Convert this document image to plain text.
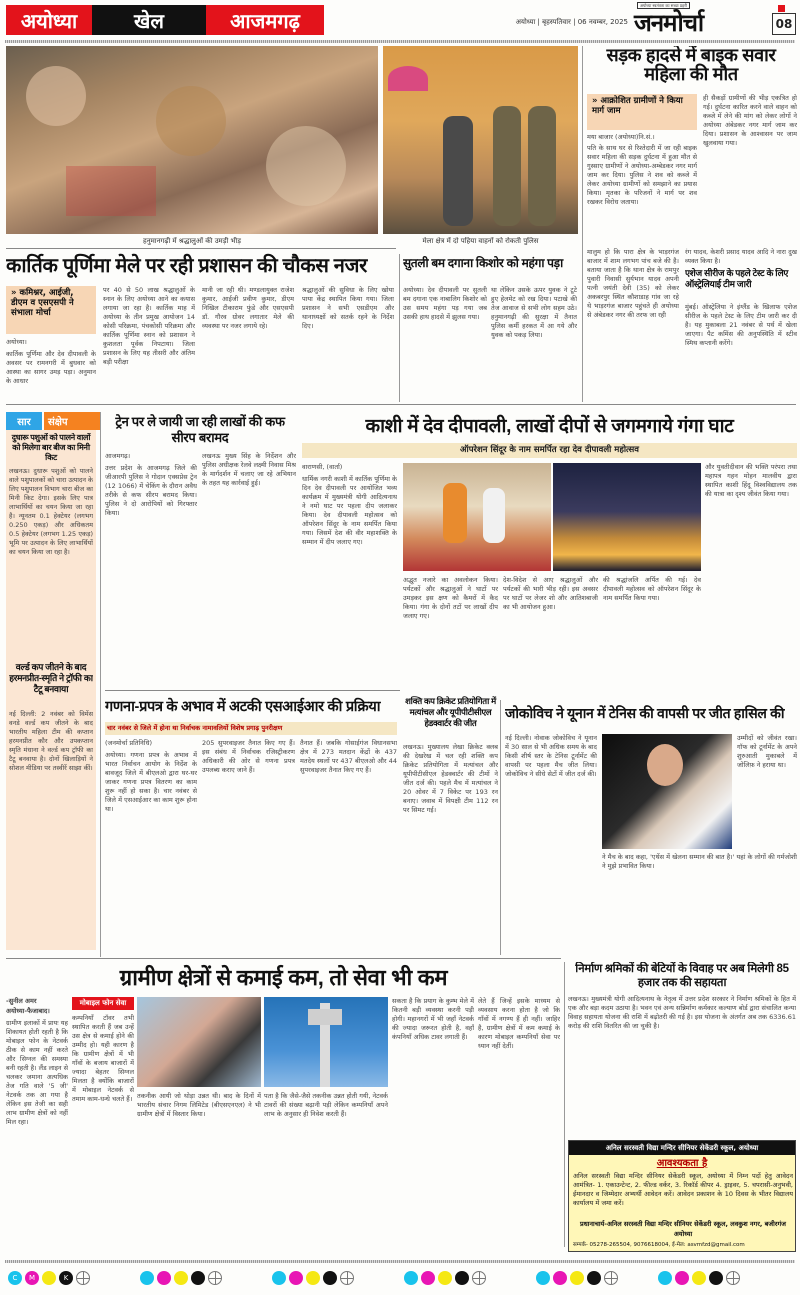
अयोध्या	खेल	आजमगढ़	अयोध्या | बृहस्पतिवार | 06 नवम्बर, 2025
अयोध्या स्वतंत्रता का सच्चा प्रहरी
जनमोर्चा	08
हनुमानगढ़ी में श्रद्धालुओं की उमड़ी भीड़	मेला क्षेत्र में दो पहिया वाहनों को रोकती पुलिस
सड़क हादसे में बाइक सवार महिला की मौत
» आक्रोशित ग्रामीणों ने किया मार्ग जाम
मया बाजार (अयोध्या)नि.सं.।
पति के साथ घर से रिश्तेदारी में जा रही बाइक सवार महिला की सड़क दुर्घटना में हुआ मौत से गुस्साए ग्रामीणों ने अयोध्या-अम्बेडकर नगर मार्ग जाम कर दिया। पुलिस ने शव को कब्जे में लेकर अयोध्या ग्रामीणों को समझाने का प्रयास किया। मृतका के परिजनों ने मार्ग पर शव रखकर विरोध जताया।
ही सैकड़ों ग्रामीणों की भीड़ एकत्रित हो गई। दुर्घटना कारित करने वाले वाहन को कब्जे में लेने की मांग को लेकर लोगों ने अयोध्या अंबेडकर नगर मार्ग जाम कर दिया। प्रशासन के आश्वासन पर जाम खुलवाया गया।
कार्तिक पूर्णिमा मेले पर रही प्रशासन की चौकस नजर
» कमिश्नर, आईजी, डीएम व एसएसपी ने संभाला मोर्चा
अयोध्या।
कार्तिक पूर्णिमा और देव दीपावली के अवसर पर रामनगरी में बुधवार को आस्था का सागर उमड़ पड़ा। अनुमान के आधार
पर 40 से 50 लाख श्रद्धालुओं के स्नान के लिए अयोध्या आने का कयास लगाया जा रहा है। कार्तिक माह में अयोध्या के तीन प्रमुख आयोजन 14 कोसी परिक्रमा, पंचकोसी परिक्रमा और कार्तिक पूर्णिमा स्नान को प्रशासन ने कुशलता पूर्वक निपटाया। जिला प्रशासन के लिए यह तीसरी और अंतिम बड़ी परीक्षा
मानी जा रही थी। मण्डलायुक्त राजेश कुमार, आईजी प्रवीण कुमार, डीएम निखिल टीकाराम फुंडे और एसएसपी डॉ. गौरव ग्रोवर लगातार मेले की व्यवस्था पर नजर लगाये रहे।
श्रद्धालुओं की सुविधा के लिए खोया पाया केंद्र स्थापित किया गया। जिला प्रशासन ने सभी एसडीएम और थानाध्यक्षों को सतर्क रहने के निर्देश दिए।
सुतली बम दगाना किशोर को महंगा पड़ा
अयोध्या। देव दीपावली पर सुतली बम दगाना एक नाबालिग किशोर को उस समय महंगा पड़ गया जब उसकी हाथ हादसे में झुलस गया।
था लेकिन उसके ऊपर युवक ने टूटे हुए हेलमेट को रख दिया। पटाखे की तेज आवाज से सभी लोग सहम उठे। हनुमानगढ़ी की सुरक्षा में तैनात पुलिस कर्मी हरकत में आ गये और युवक को पकड़ लिया।
मालुम हो कि पारा क्षेत्र के भाड़रगंज बाजार में शाम लगभग पांच बजे की है। बताया जाता है कि थाना क्षेत्र के रामपुर पुवारी निवासी सुर्यभान यादव अपनी पत्नी जयंती देवी (35) को लेकर अकबरपुर स्थित कौशाडाह गांव जा रहे थे भाड़रगंज बाजार पहुंचते ही अयोध्या से अंबेडकर नगर की तरफ जा रही
रंग यादव, केशरी प्रसाद यादव आदि ने नारा दुख व्यक्त किया है।
एशेज सीरीज के पहले टेस्ट के लिए ऑस्ट्रेलियाई टीम जारी
मुंबई। ऑस्ट्रेलिया ने इंग्लैंड के खिलाफ एशेज सीरीज के पहले टेस्ट के लिए टीम जारी कर दी है। यह मुकाबला 21 नवंबर से पर्थ में खेला जाएगा। पैट कमिंस की अनुपस्थिति में स्टीव स्मिथ कप्तानी करेंगे।
सार	संक्षेप
दुधारू पशुओं को पालने वालों को मिलेगा बार बीज का मिनी किट
लखनऊ। दुधारू पशुओं को पालने वाले पशुपालकों को चारा उत्पादन के लिए पशुपालन विभाग चारा बीज का मिनी किट देगा। इसके लिए पात्र लाभार्थियों का चयन किया जा रहा है। न्यूनतम 0.1 हेक्टेयर (लगभग 0.250 एकड़) और अधिकतम 0.5 हेक्टेयर (लगभग 1.25 एकड़) भूमि पर उत्पादन के लिए लाभार्थियों का चयन किया जा रहा है।
वर्ल्ड कप जीतने के बाद हरमनप्रीत-स्मृति ने ट्रॉफी का टैटू बनवाया
नई दिल्ली: 2 नवंबर को विमेंस वनडे वर्ल्ड कप जीतने के बाद भारतीय महिला टीम की कप्तान हरमनप्रीत कौर और उपकप्तान स्मृति मंधाना ने वर्ल्ड कप ट्रॉफी का टैटू बनवाया है। दोनों खिलाड़ियों ने सोशल मीडिया पर तस्वीरें साझा कीं।
ट्रेन पर ले जायी जा रही लाखों की कफ सीरप बरामद
आजमगढ़।
उत्तर प्रदेश के आजमगढ़ जिले की जीआरपी पुलिस ने गोदान एक्सप्रेस ट्रेन (12 1066) में चेकिंग के दौरान अवैध तरीके से कफ सीरप बरामद किया। पुलिस ने दो आरोपियों को गिरफ्तार किया।
लखनऊ मुख्य सिंह के निर्देशन और पुलिस अधीक्षक रेलवे लक्ष्मी निवास मिश्र के मार्गदर्शन में चलाए जा रहे अभियान के तहत यह कार्रवाई हुई।
काशी में देव दीपावली, लाखों दीपों से जगमगाये गंगा घाट
ऑपरेशन सिंदूर के नाम समर्पित रहा देव दीपावली महोत्सव
वाराणसी, (वार्ता)
धार्मिक नगरी काशी में कार्तिक पूर्णिमा के दिन देव दीपावली पर आयोजित भव्य कार्यक्रम में मुख्यमंत्री योगी आदित्यनाथ ने नमो घाट पर पहला दीप जलाकर किया। देव दीपावली महोत्सव को ऑपरेशन सिंदूर के नाम समर्पित किया गया। जिसमें देश की वीर महाशक्ति के सम्मान में दीप जलाए गए।
और युवतीदीवान की भक्ति परंपरा तथा महापत्र गहन मोहन मालवीय द्वारा स्थापित काशी हिंदू विश्वविद्यालय तक की यात्रा का दृश्य जीवंत किया गया।
अद्भुत नजारे का अवलोकन किया। पर्यटकों और श्रद्धालुओं ने घाटों पर उमड़कर इस क्षण को कैमरों में कैद किया। गंगा के दोनों तटों पर लाखों दीप जलाए गए।
देश-विदेश से आए श्रद्धालुओं और पर्यटकों की भारी भीड़ रही। इस अवसर पर घाटों पर लेजर शो और आतिशबाजी का भी आयोजन हुआ।
की श्रद्धांजलि अर्पित की गई। देव दीपावली महोत्सव को ऑपरेशन सिंदूर के नाम समर्पित किया गया।
गणना-प्रपत्र के अभाव में अटकी एसआईआर की प्रक्रिया
चार नवंबर से जिले में होना था निर्वाचक नामावलियों विशेष प्रगाढ़ पुनरीक्षण
(जनमोर्चा प्रतिनिधि)
अयोध्या। गणना प्रपत्र के अभाव में भारत निर्वाचन आयोग के निर्देश के बावजूद जिले में बीएलओ द्वारा घर-घर जाकर गणना प्रपत्र वितरण का काम शुरू नहीं हो सका है। चार नवंबर से जिले में एसआईआर का काम शुरू होना था।
205 सुपरवाइजर तैनात किए गए हैं। इस संबंध में निर्वाचक रजिस्ट्रीकरण अधिकारी की ओर से गणना प्रपत्र उपलब्ध कराए जाने हैं।
तैनात हैं। जबकि गोसाईगंज विधानसभा क्षेत्र में 273 मतदान केंद्रों के 437 मतदेय स्थलों पर 437 बीएलओ और 44 सुपरवाइजर तैनात किए गए हैं।
शक्ति कप क्रिकेट प्रतियोगिता में मत्यांचल और यूपीपीटीसीएल हेडक्वार्टर की जीत
लखनऊ। मुख्यालय लेखा क्रिकेट क्लब की देखरेख में चल रही शक्ति कप क्रिकेट प्रतियोगिता में मत्यांचल और यूपीपीटीसीएल हेडक्वार्टर की टीमों ने जीत दर्ज की। पहले मैच में मत्यांचल ने 20 ओवर में 7 विकेट पर 193 रन बनाए। जवाब में विपक्षी टीम 112 रन पर सिमट गई।
जोकोविच ने यूनान में टेनिस की वापसी पर जीत हासिल की
नई दिल्ली। नोवाक जोकोविच ने यूनान में 30 साल से भी अधिक समय के बाद किसी शीर्ष स्तर के टेनिस टूर्नामेंट की वापसी पर पहला मैच जीत लिया। जोकोविच ने सीधे सेटों में जीत दर्ज की।
उम्मीदों को जीवंत रखा। गॉफ को टूर्नामेंट के अपने शुरुआती मुकाबले में जोलिफ़ ने हराया था।
ने मैच के बाद कहा, 'एथेंस में खेलना सम्मान की बात है।' यहां के लोगों की गर्मजोशी ने मुझे प्रभावित किया।
ग्रामीण क्षेत्रों से कमाई कम, तो सेवा भी कम
-सुनील अमर
अयोध्या-फैजाबाद।
ग्रामीण इलाकों में प्रायः यह शिकायत होती रहती है कि मोबाइल फोन के नेटवर्क ठीक से काम नहीं करते और सिग्नल की समस्या बनी रहती है। लैंड लाइन से चलकर जमाना अत्यधिक तेज गति वाले '5 जी' नेटवर्क तक आ गया है लेकिन इस तेजी का सही लाभ ग्रामीण क्षेत्रों को नहीं मिल रहा।
मोबाइल फोन सेवा
कम्पनियाँ टॉवर तभी स्थापित करती हैं जब उन्हें उस क्षेत्र से कमाई होने की उम्मीद हो। यही कारण है कि ग्रामीण क्षेत्रों में भी गाँवों के बजाय बाजारों में ज्यादा बेहतर सिग्नल मिलता है क्योंकि बाजारों में मोबाइल नेटवर्क से तमाम काम-धन्धे चलते हैं। तकनीक आयी जो थोड़ा उन्नत थी। बाद के दिनों में भारतीय संचार निगम लिमिटेड (बीएसएनएल) ने भी ग्रामीण क्षेत्रों में विस्तार किया।
पता है कि जैसे-जैसे तकनीक उन्नत होती गयी, नेटवर्क टावरों की संख्या बढ़ानी पड़ी लेकिन कम्पनियाँ अपने लाभ के अनुसार ही निवेश करती हैं।
सकता है कि प्रयाग के कुम्भ मेले में कितनी बड़ी व्यवस्था करनी पड़ी होगी। महानगरों में भी जहाँ नेटवर्क की ज्यादा जरूरत होती है, वहाँ कंपनियाँ अधिक टावर लगाती हैं।
लेते हैं जिन्हें इसके माध्यम से व्यवसाय करना होता है जो कि गाँवों में नगण्य हैं ही नहीं। जाहिर है, ग्रामीण क्षेत्रों में कम कमाई के कारण मोबाइल कम्पनियाँ सेवा पर ध्यान नहीं देतीं।
निर्माण श्रमिकों की बेटियों के विवाह पर अब मिलेगी 85 हजार तक की सहायता
लखनऊ। मुख्यमंत्री योगी आदित्यनाथ के नेतृत्व में उत्तर प्रदेश सरकार ने निर्माण श्रमिकों के हित में एक और बड़ा कदम उठाया है। भवन एवं अन्य सन्निर्माण कर्मकार कल्याण बोर्ड द्वारा संचालित कन्या विवाह सहायता योजना की राशि में बढ़ोतरी की गई है। इस योजना के अंतर्गत अब तक 6336.61 करोड़ की राशि वितरित की जा चुकी है।
अनिल सरस्वती विद्या मन्दिर सीनियर सेकेंडरी स्कूल, अयोध्या
आवश्यकता है
अनिल सरस्वती विद्या मन्दिर सीनियर सेकेंडरी स्कूल, अयोध्या में निम्न पदों हेतु आवेदन आमंत्रित- 1. एकाउन्टेन्ट, 2. फील्ड वर्कर, 3. रिकॉर्ड कीपर 4. ड्राइवर, 5. चपरासी-अनुभवी, ईमानदार व जिम्मेदार अभ्यर्थी आवेदन करें। आवेदन प्रकाशन के 10 दिवस के भीतर विद्यालय कार्यालय में जमा करें।
प्रधानाचार्य-अनिल सरस्वती विद्या मन्दिर सीनियर सेकेंडरी स्कूल, लवकुश नगर, बजीरगंज अयोध्या
सम्पर्क- 05278-265504, 9076618004, ई-मेल: asvmfzd@gmail.com
C	M	Y	K
